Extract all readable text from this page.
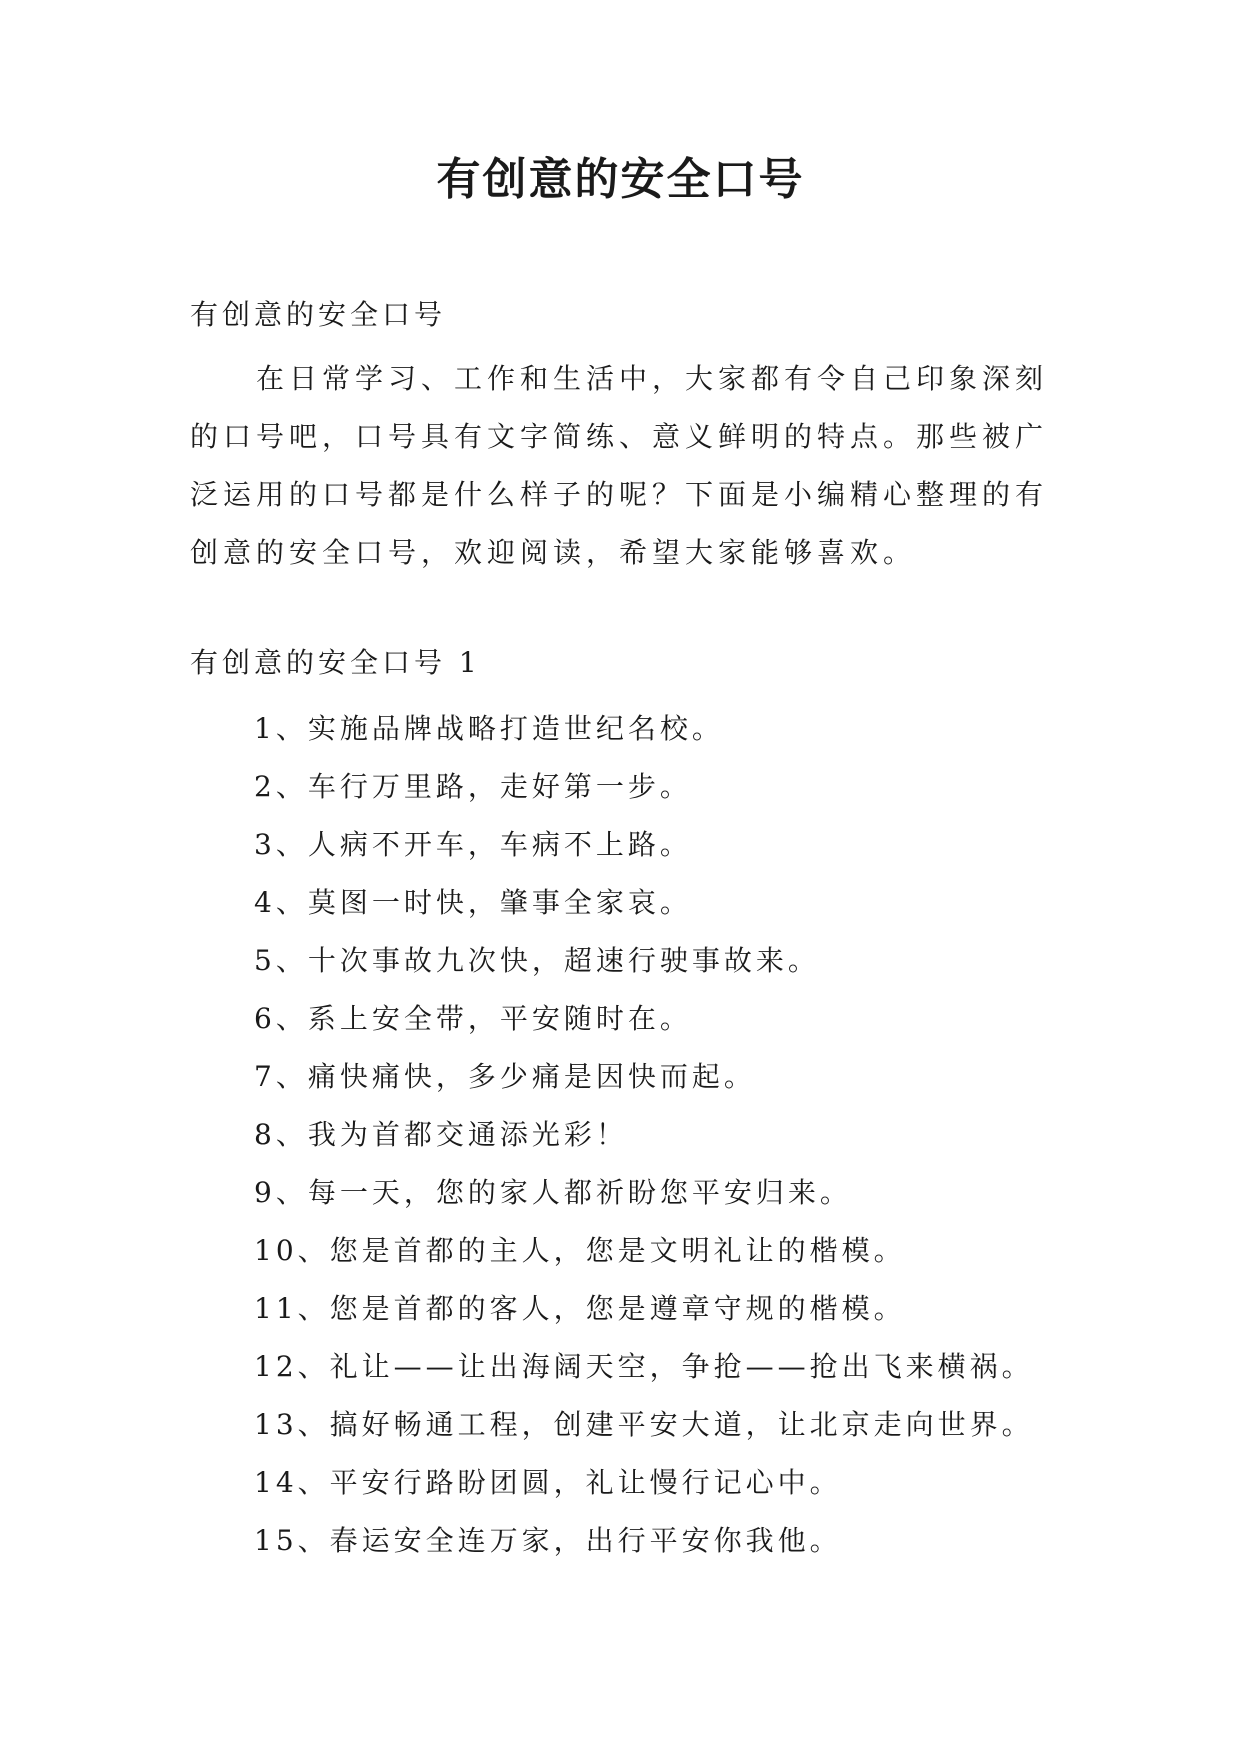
有创意的安全口号
有创意的安全口号

在日常学习、工作和生活中，大家都有令自己印象深刻的口号吧，口号具有文字简练、意义鲜明的特点。那些被广泛运用的口号都是什么样子的呢？下面是小编精心整理的有创意的安全口号，欢迎阅读，希望大家能够喜欢。

有创意的安全口号 1
1、实施品牌战略打造世纪名校。
2、车行万里路，走好第一步。
3、人病不开车，车病不上路。
4、莫图一时快，肇事全家哀。
5、十次事故九次快，超速行驶事故来。
6、系上安全带，平安随时在。
7、痛快痛快，多少痛是因快而起。
8、我为首都交通添光彩！
9、每一天，您的家人都祈盼您平安归来。
10、您是首都的主人，您是文明礼让的楷模。
11、您是首都的客人，您是遵章守规的楷模。
12、礼让——让出海阔天空，争抢——抢出飞来横祸。
13、搞好畅通工程，创建平安大道，让北京走向世界。
14、平安行路盼团圆，礼让慢行记心中。
15、春运安全连万家，出行平安你我他。
